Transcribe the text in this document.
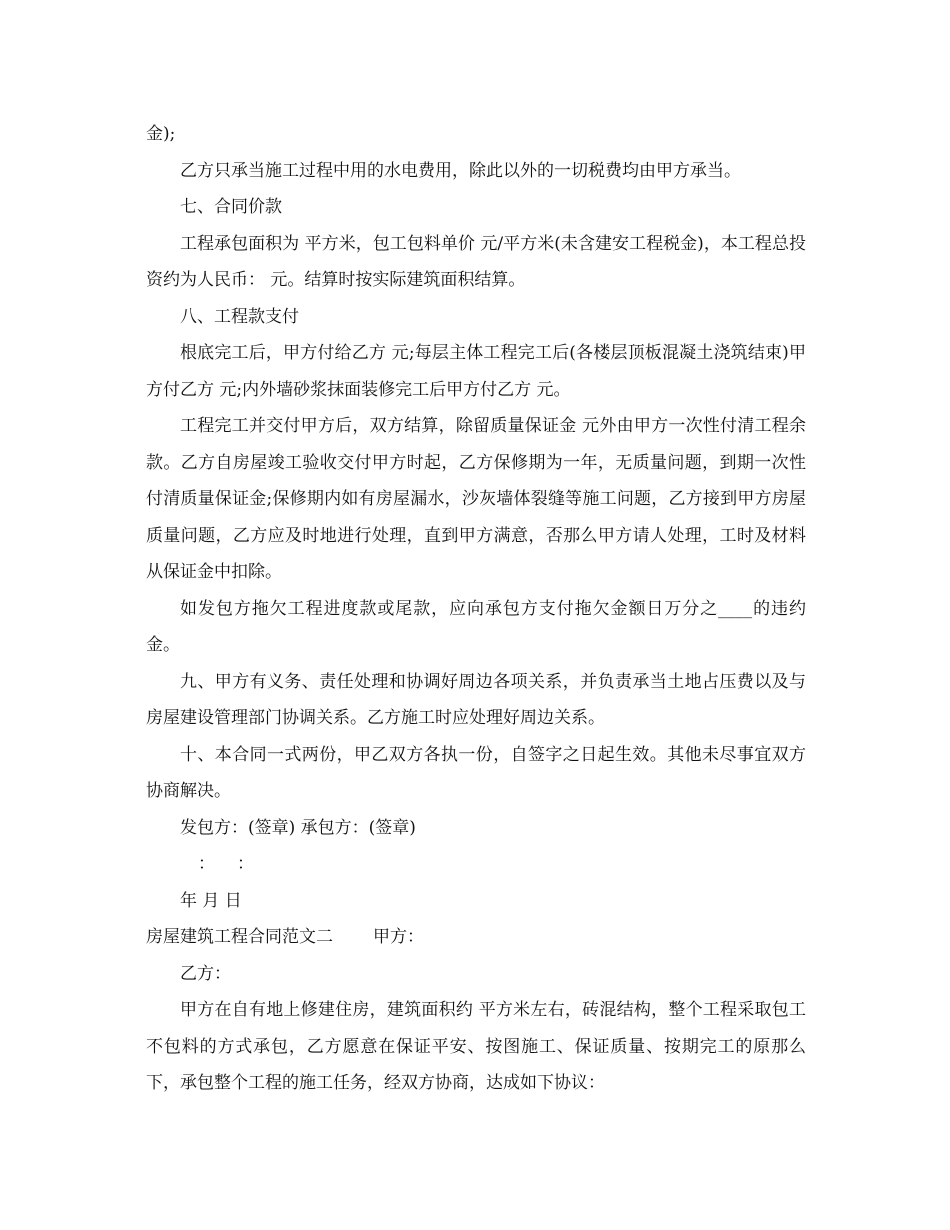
金);

乙方只承当施工过程中用的水电费用，除此以外的一切税费均由甲方承当。

七、合同价款

工程承包面积为 平方米，包工包料单价 元/平方米(未含建安工程税金)，本工程总投资约为人民币： 元。结算时按实际建筑面积结算。

八、工程款支付

根底完工后，甲方付给乙方 元;每层主体工程完工后(各楼层顶板混凝土浇筑结束)甲方付乙方 元;内外墙砂浆抹面装修完工后甲方付乙方 元。

工程完工并交付甲方后，双方结算，除留质量保证金 元外由甲方一次性付清工程余款。乙方自房屋竣工验收交付甲方时起，乙方保修期为一年，无质量问题，到期一次性付清质量保证金;保修期内如有房屋漏水，沙灰墙体裂缝等施工问题，乙方接到甲方房屋质量问题，乙方应及时地进行处理，直到甲方满意，否那么甲方请人处理，工时及材料从保证金中扣除。

如发包方拖欠工程进度款或尾款，应向承包方支付拖欠金额日万分之____的违约金。

九、甲方有义务、责任处理和协调好周边各项关系，并负责承当土地占压费以及与房屋建设管理部门协调关系。乙方施工时应处理好周边关系。

十、本合同一式两份，甲乙双方各执一份，自签字之日起生效。其他未尽事宜双方协商解决。

发包方：(签章) 承包方：(签章)

： ：

年 月 日

房屋建筑工程合同范文二 甲方：

乙方：

甲方在自有地上修建住房，建筑面积约 平方米左右，砖混结构，整个工程采取包工不包料的方式承包，乙方愿意在保证平安、按图施工、保证质量、按期完工的原那么下，承包整个工程的施工任务，经双方协商，达成如下协议：
